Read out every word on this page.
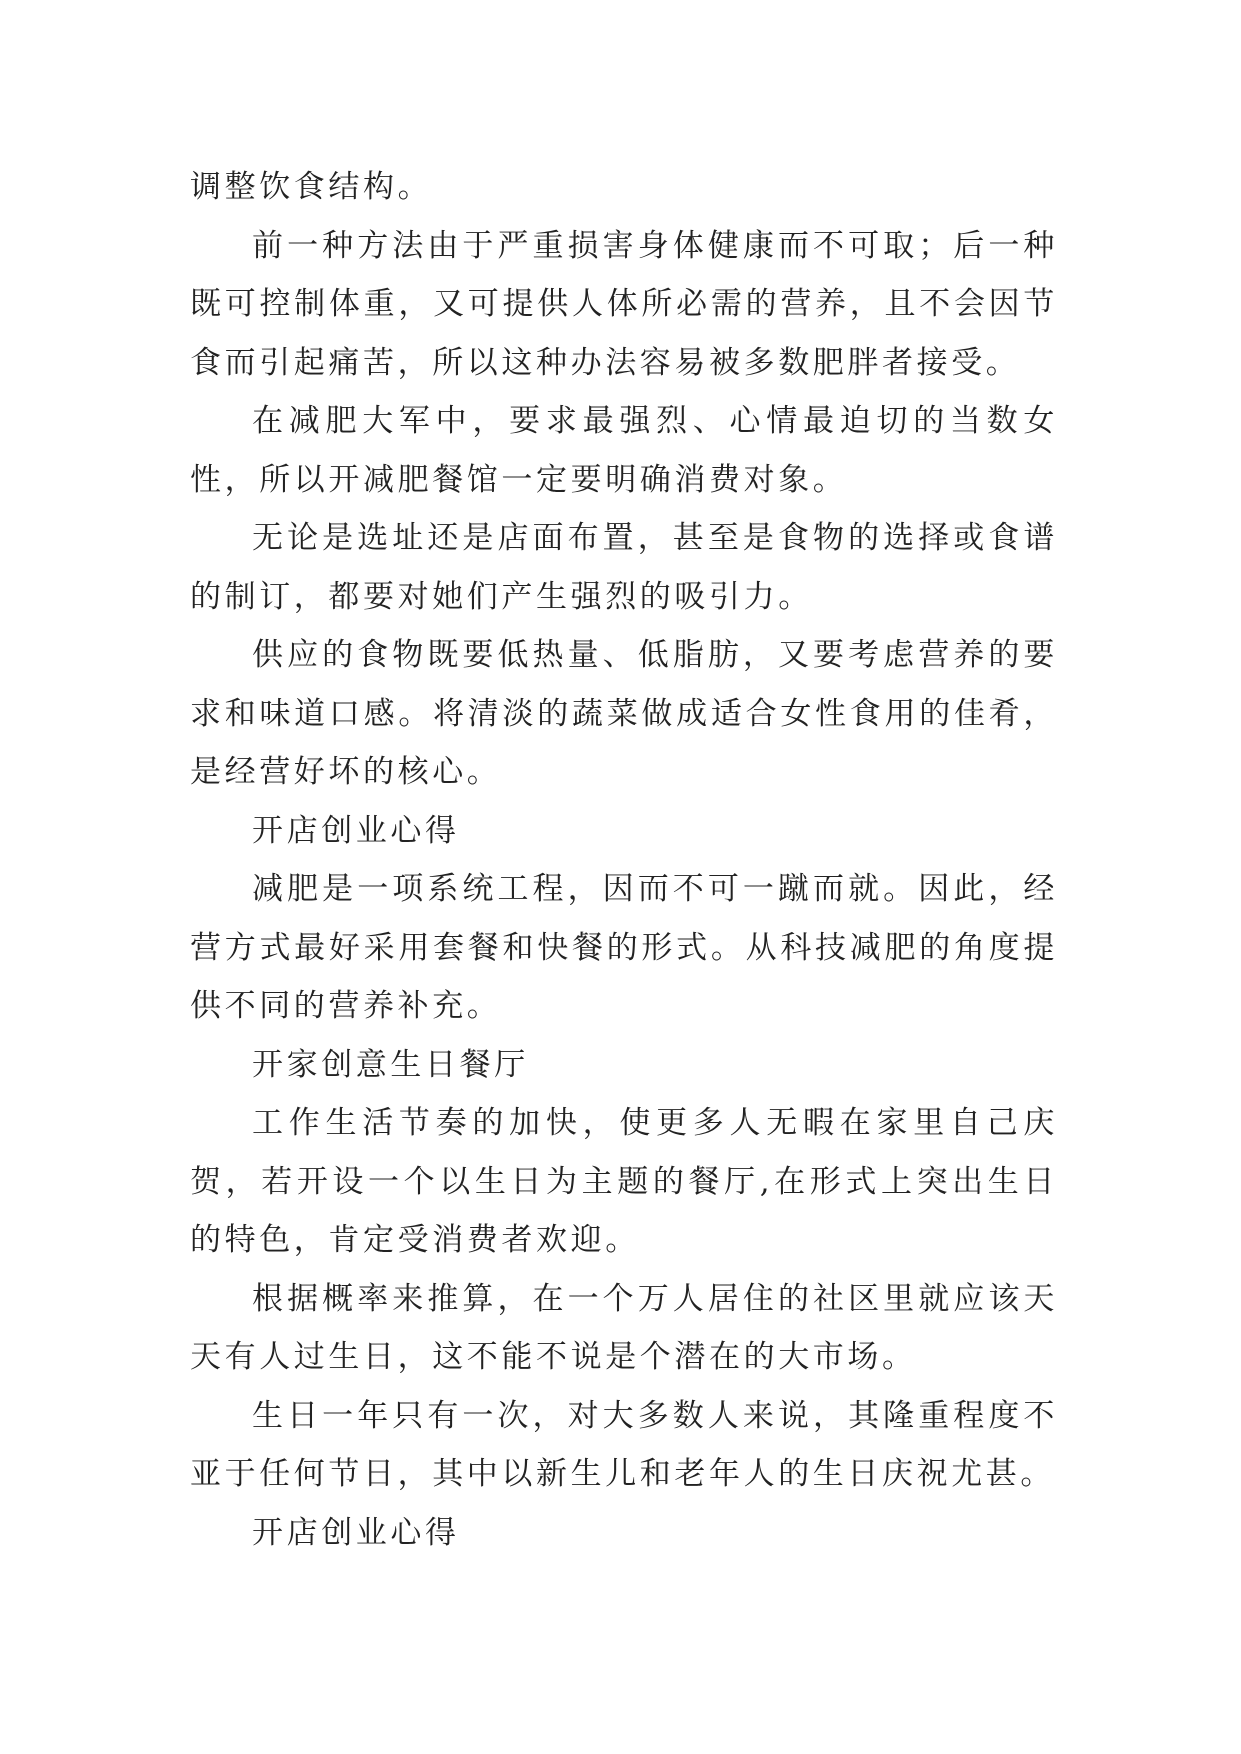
调整饮食结构。

前一种方法由于严重损害身体健康而不可取；后一种既可控制体重，又可提供人体所必需的营养，且不会因节食而引起痛苦，所以这种办法容易被多数肥胖者接受。

在减肥大军中，要求最强烈、心情最迫切的当数女性，所以开减肥餐馆一定要明确消费对象。

无论是选址还是店面布置，甚至是食物的选择或食谱的制订，都要对她们产生强烈的吸引力。

供应的食物既要低热量、低脂肪，又要考虑营养的要求和味道口感。将清淡的蔬菜做成适合女性食用的佳肴，是经营好坏的核心。

开店创业心得

减肥是一项系统工程，因而不可一蹴而就。因此，经营方式最好采用套餐和快餐的形式。从科技减肥的角度提供不同的营养补充。

开家创意生日餐厅

工作生活节奏的加快，使更多人无暇在家里自己庆贺，若开设一个以生日为主题的餐厅,在形式上突出生日的特色，肯定受消费者欢迎。

根据概率来推算，在一个万人居住的社区里就应该天天有人过生日，这不能不说是个潜在的大市场。

生日一年只有一次，对大多数人来说，其隆重程度不亚于任何节日，其中以新生儿和老年人的生日庆祝尤甚。

开店创业心得
